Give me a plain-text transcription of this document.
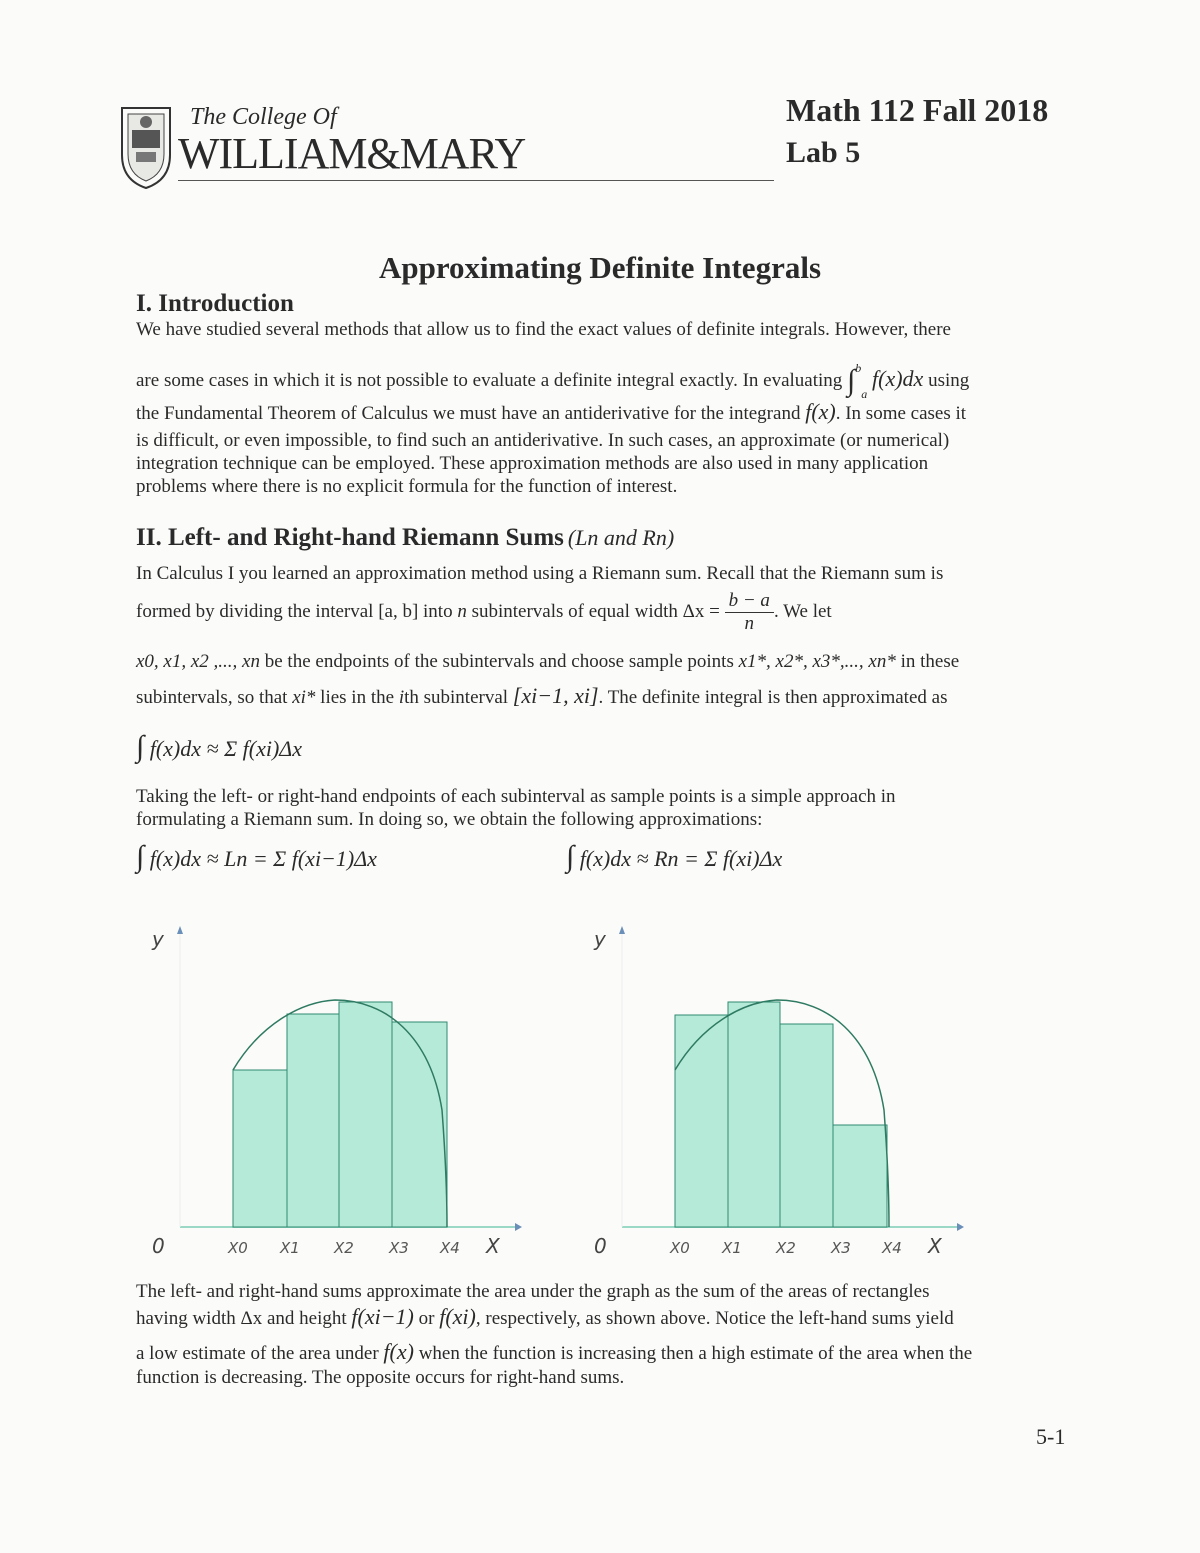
The College Of
WILLIAM&MARY
Math 112 Fall 2018
Lab 5
Approximating Definite Integrals
I. Introduction
We have studied several methods that allow us to find the exact values of definite integrals. However, there
are some cases in which it is not possible to evaluate a definite integral exactly. In evaluating ∫$^b_a$ f(x)dx using
the Fundamental Theorem of Calculus we must have an antiderivative for the integrand f(x). In some cases it
is difficult, or even impossible, to find such an antiderivative. In such cases, an approximate (or numerical)
integration technique can be employed. These approximation methods are also used in many application
problems where there is no explicit formula for the function of interest.
II. Left- and Right-hand Riemann Sums (Ln and Rn)
In Calculus I you learned an approximation method using a Riemann sum. Recall that the Riemann sum is
formed by dividing the interval [a, b] into n subintervals of equal width $\Delta x = \frac{b - a}{n}$ . We let
x0, x1, x2 ,..., xn be the endpoints of the subintervals and choose sample points x1*, x2*, x3*,..., xn* in these
subintervals, so that xi* lies in the ith subinterval [xi−1, xi]. The definite integral is then approximated as
∫ f(x)dx ≈ Σ f(xi)Δx
Taking the left- or right-hand endpoints of each subinterval as sample points is a simple approach in
formulating a Riemann sum. In doing so, we obtain the following approximations:
∫ f(x)dx ≈ Ln = Σ f(xi−1)Δx	∫ f(x)dx ≈ Rn = Σ f(xi)Δx
y
0	X0 X1 X2 X3 X4 X
y
0	X0 X1 X2 X3 X4 X
The left- and right-hand sums approximate the area under the graph as the sum of the areas of rectangles
having width Δx and height f(xi−1) or f(xi), respectively, as shown above. Notice the left-hand sums yield
a low estimate of the area under f(x) when the function is increasing then a high estimate of the area when the
function is decreasing. The opposite occurs for right-hand sums.
5-1
